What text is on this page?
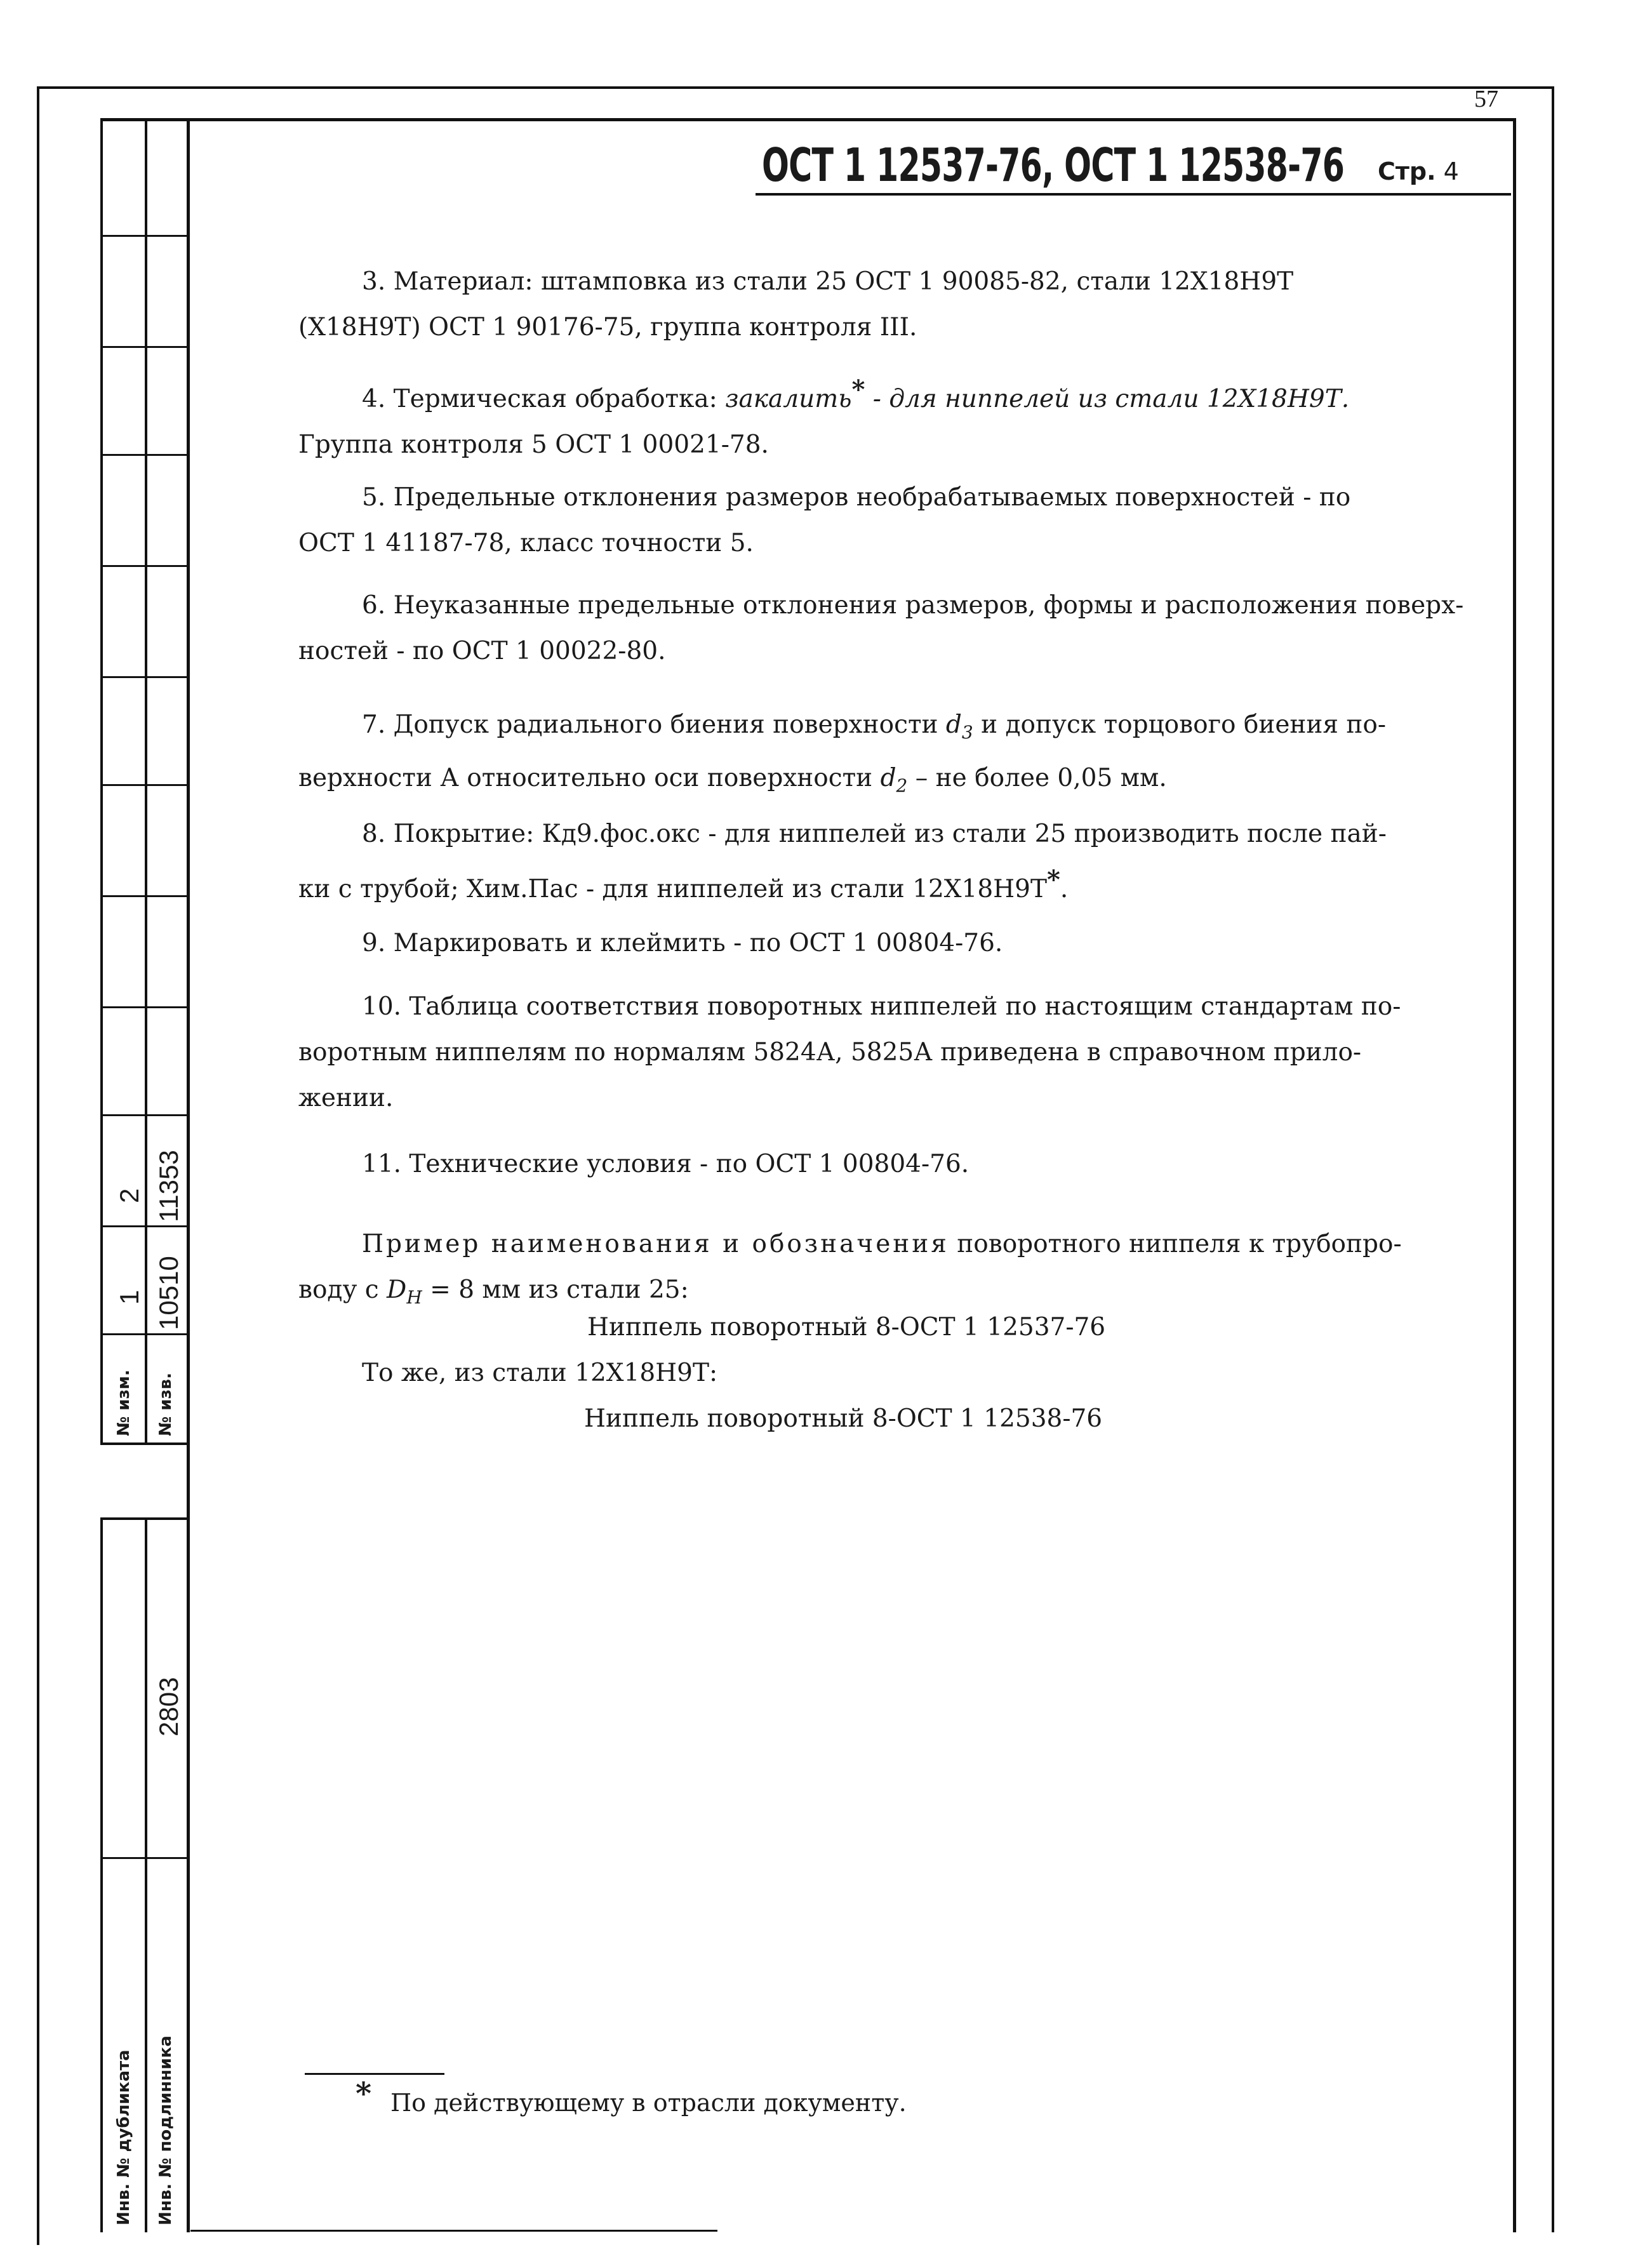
57
1 10510
2 11353
№ изм. № изв.
2803
Инв. № дубликата Инв. № подлинника
ОСТ 1 12537-76, ОСТ 1 12538-76 Стр. 4
3. Материал: штамповка из стали 25 ОСТ 1 90085-82, стали 12Х18Н9Т
(Х18Н9Т) ОСТ 1 90176-75, группа контроля III.
4. Термическая обработка: закалить* - для ниппелей из стали 12Х18Н9Т.
Группа контроля 5 ОСТ 1 00021-78.
5. Предельные отклонения размеров необрабатываемых поверхностей - по
ОСТ 1 41187-78, класс точности 5.
6. Неуказанные предельные отклонения размеров, формы и расположения поверх-
ностей - по ОСТ 1 00022-80.
7. Допуск радиального биения поверхности $d_3$ и допуск торцового биения по-
верхности А относительно оси поверхности $d_2$ – не более 0,05 мм.
8. Покрытие: Кд9.фос.окс - для ниппелей из стали 25 производить после пай-
ки с трубой; Хим.Пас - для ниппелей из стали 12Х18Н9Т*.
9. Маркировать и клеймить - по ОСТ 1 00804-76.
10. Таблица соответствия поворотных ниппелей по настоящим стандартам по-
воротным ниппелям по нормалям 5824А, 5825А приведена в справочном прило-
жении.
11. Технические условия - по ОСТ 1 00804-76.
Пример наименования и обозначения поворотного ниппеля к трубопро-
воду с $D_Н = 8$ мм из стали 25:
Ниппель поворотный 8-ОСТ 1 12537-76
То же, из стали 12Х18Н9Т:
Ниппель поворотный 8-ОСТ 1 12538-76
* По действующему в отрасли документу.
